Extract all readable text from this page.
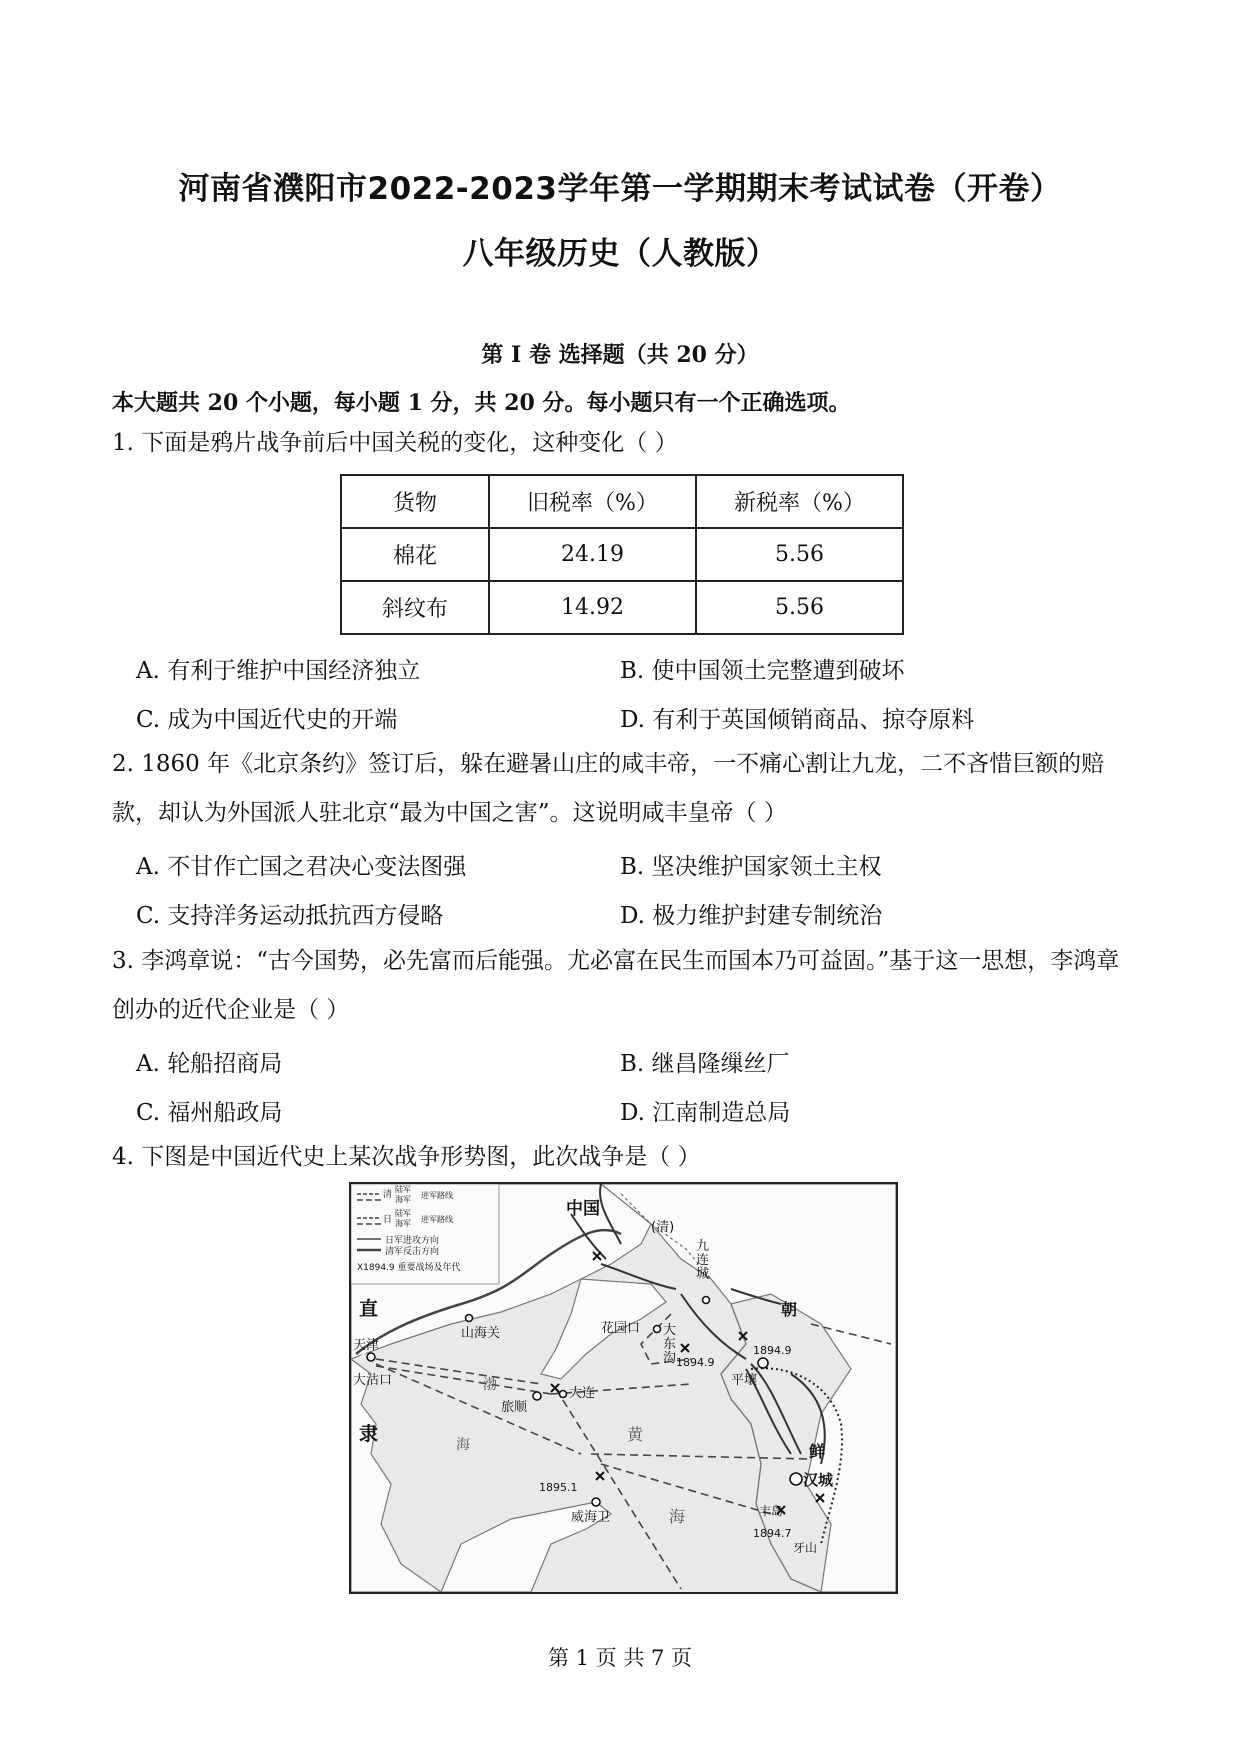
河南省濮阳市2022-2023学年第一学期期末考试试卷（开卷）
八年级历史（人教版）

第 I 卷 选择题（共 20 分）

本大题共 20 个小题，每小题 1 分，共 20 分。每小题只有一个正确选项。

1. 下面是鸦片战争前后中国关税的变化，这种变化（ ）

货物	旧税率（%）	新税率（%）
棉花	24.19	5.56
斜纹布	14.92	5.56

A. 有利于维护中国经济独立	B. 使中国领土完整遭到破坏

C. 成为中国近代史的开端	D. 有利于英国倾销商品、掠夺原料

2. 1860 年《北京条约》签订后，躲在避暑山庄的咸丰帝，一不痛心割让九龙，二不吝惜巨额的赔款，却认为外国派人驻北京“最为中国之害”。这说明咸丰皇帝（ ）

A. 不甘作亡国之君决心变法图强	B. 坚决维护国家领土主权

C. 支持洋务运动抵抗西方侵略	D. 极力维护封建专制统治

3. 李鸿章说：“古今国势，必先富而后能强。尤必富在民生而国本乃可益固。”基于这一思想，李鸿章创办的近代企业是（ ）

A. 轮船招商局	B. 继昌隆缫丝厂

C. 福州船政局	D. 江南制造总局

4. 下图是中国近代史上某次战争形势图，此次战争是（ ）

清
陆军
海军 进军路线
日
陆军
海军 进军路线
日军进攻方向
清军反击方向
X1894.9 重要战场及年代
中国
(清)
九连城
直
隶
山海关
天津
大沽口
花园口 大东沟
旅顺
大连
威海卫
平壤
汉城
丰岛
牙山
朝
鲜
渤
海
黄
海
1894.9
1894.9
1895.1
1894.7

第 1 页 共 7 页
